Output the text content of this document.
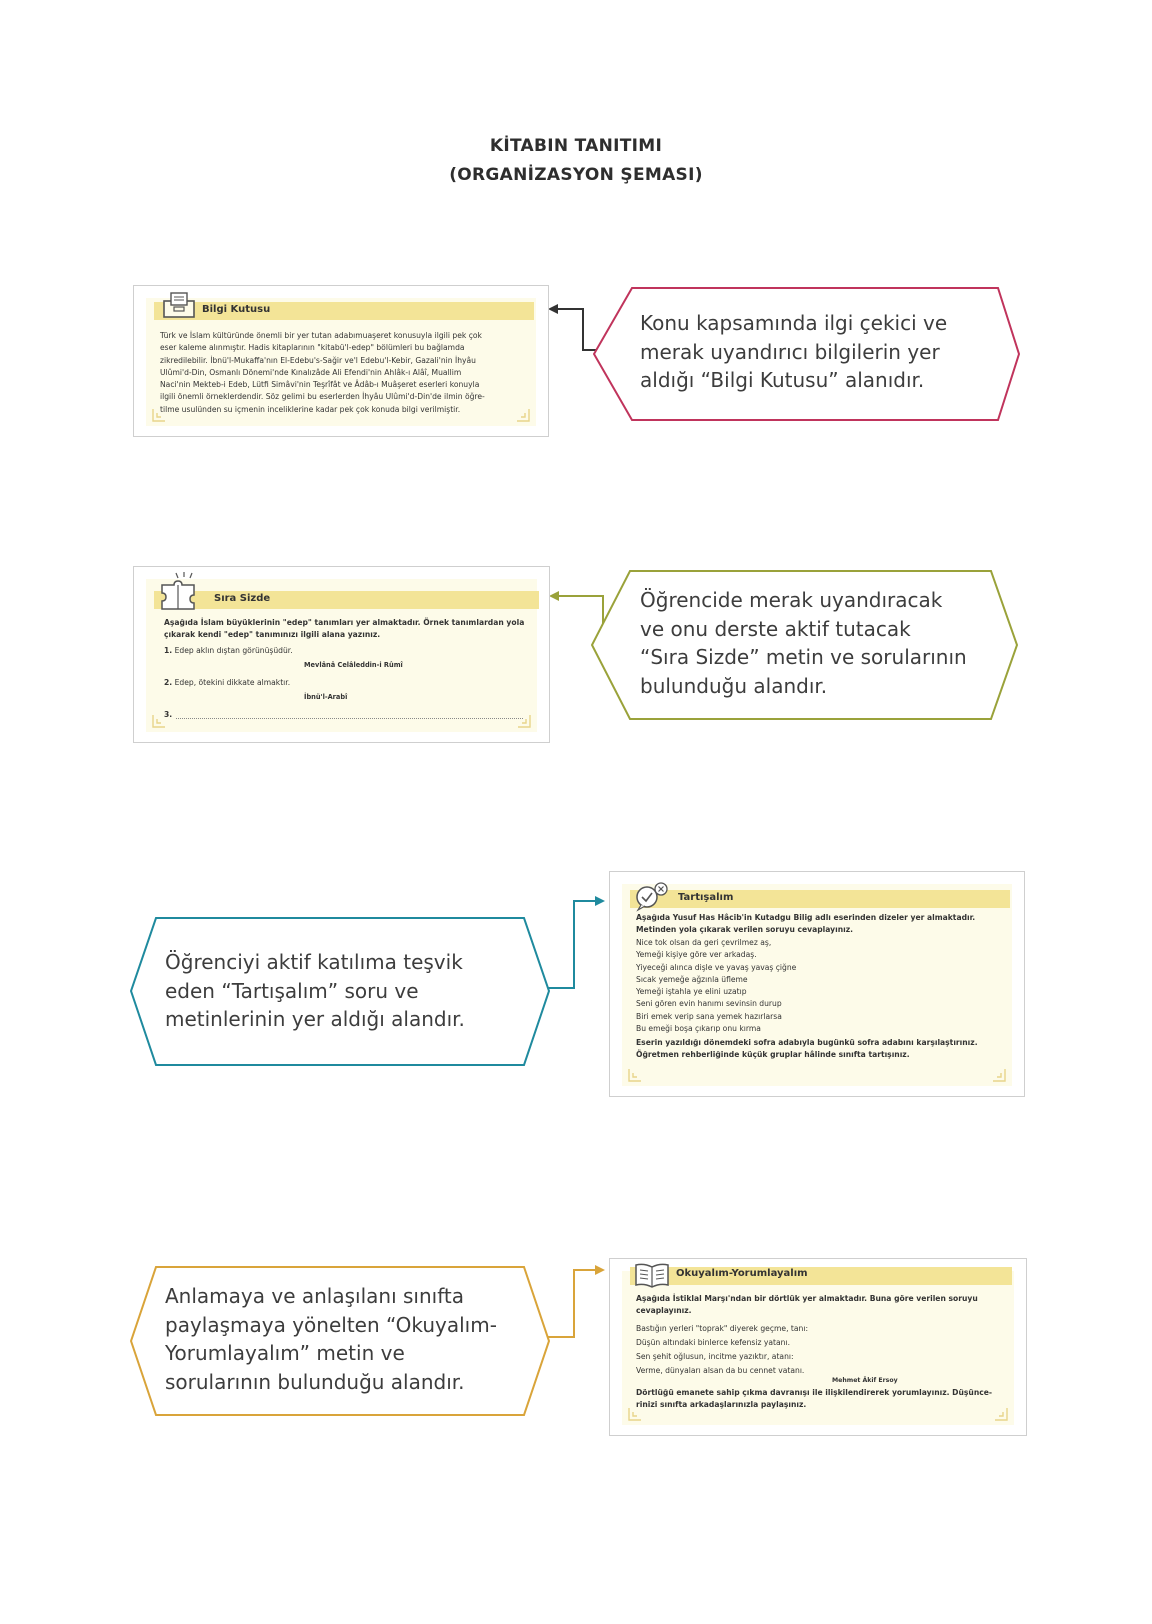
KİTABIN TANITIMI
(ORGANİZASYON ŞEMASI)
Bilgi Kutusu
Türk ve İslam kültüründe önemli bir yer tutan adabımuaşeret konusuyla ilgili pek çok
eser kaleme alınmıştır. Hadis kitaplarının "kitabü'l-edep" bölümleri bu bağlamda
zikredilebilir. İbnü'l-Mukaffa'nın El-Edebu's-Sağir ve'l Edebu'l-Kebir, Gazali'nin İhyâu
Ulûmi'd-Din, Osmanlı Dönemi'nde Kınalızâde Ali Efendi'nin Ahlâk-ı Alâî, Muallim
Naci'nin Mekteb-i Edeb, Lütfi Simâvi'nin Teşrîfât ve Âdâb-ı Muâşeret eserleri konuyla
ilgili önemli örneklerdendir. Söz gelimi bu eserlerden İhyâu Ulûmi'd-Din'de ilmin öğre-
tilme usulünden su içmenin inceliklerine kadar pek çok konuda bilgi verilmiştir.
Konu kapsamında ilgi çekici ve
merak uyandırıcı bilgilerin yer
aldığı “Bilgi Kutusu” alanıdır.
Sıra Sizde
Aşağıda İslam büyüklerinin "edep" tanımları yer almaktadır. Örnek tanımlardan yola
çıkarak kendi "edep" tanımınızı ilgili alana yazınız.
1. Edep aklın dıştan görünüşüdür.
Mevlânâ Celâleddin-i Rûmî
2. Edep, ötekini dikkate almaktır.
İbnü'l-Arabî
3.
Öğrencide merak uyandıracak
ve onu derste aktif tutacak
“Sıra Sizde” metin ve sorularının
bulunduğu alandır.
Tartışalım
Aşağıda Yusuf Has Hâcib'in Kutadgu Bilig adlı eserinden dizeler yer almaktadır.
Metinden yola çıkarak verilen soruyu cevaplayınız.
Nice tok olsan da geri çevrilmez aş,
Yemeği kişiye göre ver arkadaş.
Yiyeceği alınca dişle ve yavaş yavaş çiğne
Sıcak yemeğe ağzınla üfleme
Yemeği iştahla ye elini uzatıp
Seni gören evin hanımı sevinsin durup
Biri emek verip sana yemek hazırlarsa
Bu emeği boşa çıkarıp onu kırma
Eserin yazıldığı dönemdeki sofra adabıyla bugünkü sofra adabını karşılaştırınız.
Öğretmen rehberliğinde küçük gruplar hâlinde sınıfta tartışınız.
Öğrenciyi aktif katılıma teşvik
eden “Tartışalım” soru ve
metinlerinin yer aldığı alandır.
Okuyalım-Yorumlayalım
Aşağıda İstiklal Marşı'ndan bir dörtlük yer almaktadır. Buna göre verilen soruyu
cevaplayınız.
Bastığın yerleri "toprak" diyerek geçme, tanı:
Düşün altındaki binlerce kefensiz yatanı.
Sen şehit oğlusun, incitme yazıktır, atanı:
Verme, dünyaları alsan da bu cennet vatanı.
Mehmet Âkif Ersoy
Dörtlüğü emanete sahip çıkma davranışı ile ilişkilendirerek yorumlayınız. Düşünce-
rinizi sınıfta arkadaşlarınızla paylaşınız.
Anlamaya ve anlaşılanı sınıfta
paylaşmaya yönelten “Okuyalım-
Yorumlayalım” metin ve
sorularının bulunduğu alandır.
